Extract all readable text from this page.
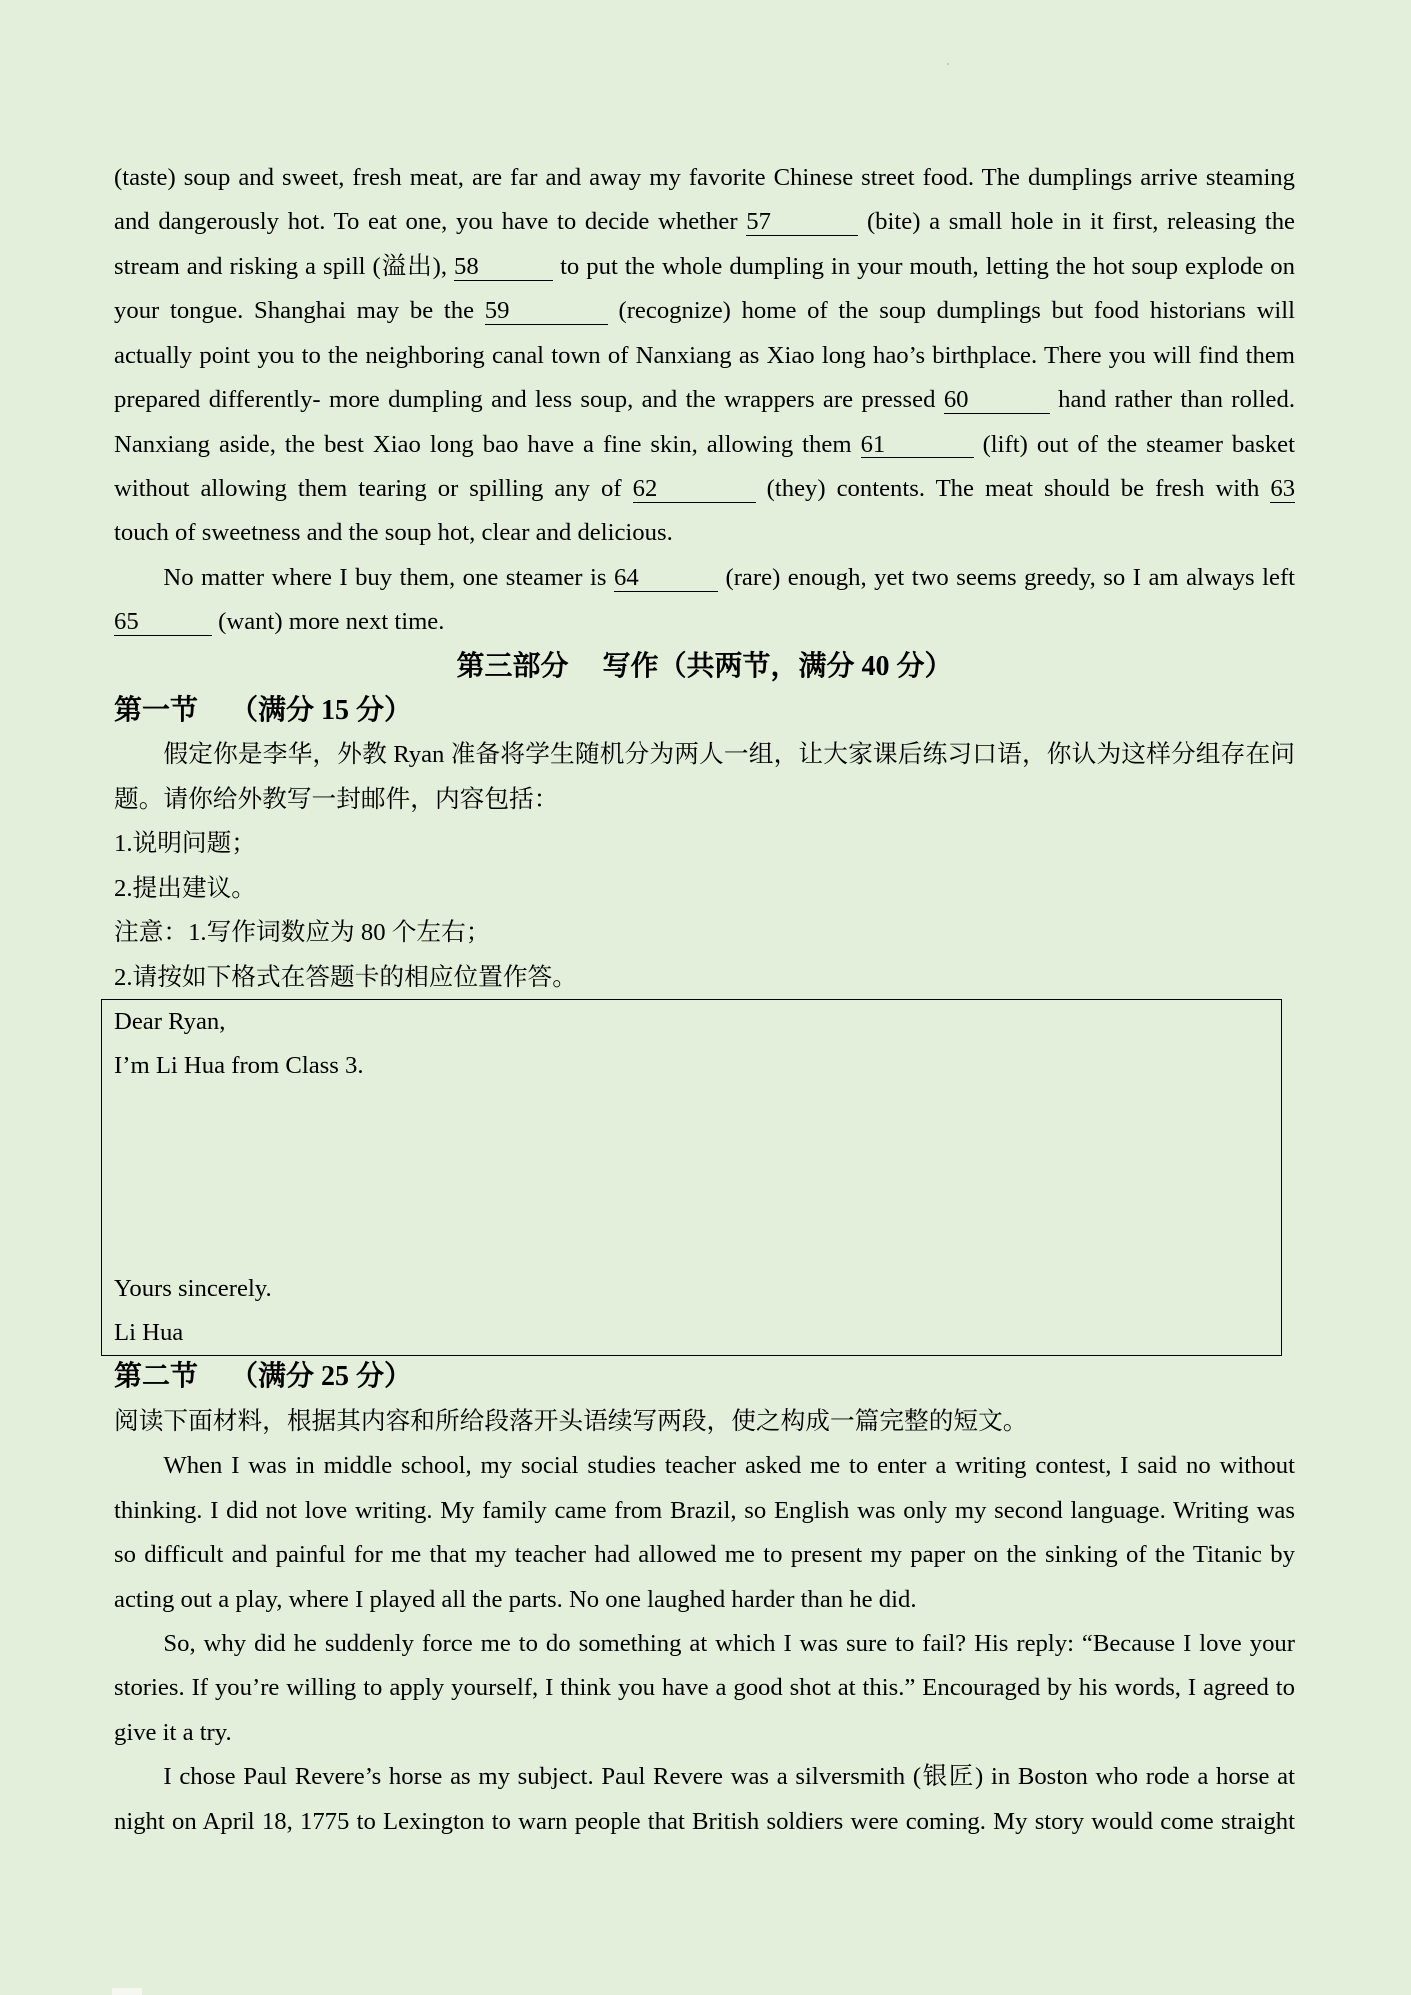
(taste) soup and sweet, fresh meat, are far and away my favorite Chinese street food. The dumplings arrive steaming
and dangerously hot. To eat one, you have to decide whether 57	(bite) a small hole in it first, releasing the
stream and risking a spill (溢出), 58	to put the whole dumpling in your mouth, letting the hot soup explode on
your tongue. Shanghai may be the 59	(recognize) home of the soup dumplings but food historians will
actually point you to the neighboring canal town of Nanxiang as Xiao long hao’s birthplace. There you will find them
prepared differently- more dumpling and less soup, and the wrappers are pressed 60	hand rather than rolled.
Nanxiang aside, the best Xiao long bao have a fine skin, allowing them 61	(lift) out of the steamer basket
without allowing them tearing or spilling any of 62	(they) contents. The meat should be fresh with 63
touch of sweetness and the soup hot, clear and delicious.
No matter where I buy them, one steamer is 64	(rare) enough, yet two seems greedy, so I am always left
65	(want) more next time.
第三部分 写作（共两节，满分 40 分）
第一节 （满分 15 分）
假定你是李华，外教 Ryan 准备将学生随机分为两人一组，让大家课后练习口语，你认为这样分组存在问
题。请你给外教写一封邮件，内容包括：
1.说明问题；
2.提出建议。
注意：1.写作词数应为 80 个左右；
2.请按如下格式在答题卡的相应位置作答。
Dear Ryan,
I’m Li Hua from Class 3.
Yours sincerely.
Li Hua
第二节 （满分 25 分）
阅读下面材料，根据其内容和所给段落开头语续写两段，使之构成一篇完整的短文。
When I was in middle school, my social studies teacher asked me to enter a writing contest, I said no without
thinking. I did not love writing. My family came from Brazil, so English was only my second language. Writing was
so difficult and painful for me that my teacher had allowed me to present my paper on the sinking of the Titanic by
acting out a play, where I played all the parts. No one laughed harder than he did.
So, why did he suddenly force me to do something at which I was sure to fail? His reply: “Because I love your
stories. If you’re willing to apply yourself, I think you have a good shot at this.” Encouraged by his words, I agreed to
give it a try.
I chose Paul Revere’s horse as my subject. Paul Revere was a silversmith (银匠) in Boston who rode a horse at
night on April 18, 1775 to Lexington to warn people that British soldiers were coming. My story would come straight
